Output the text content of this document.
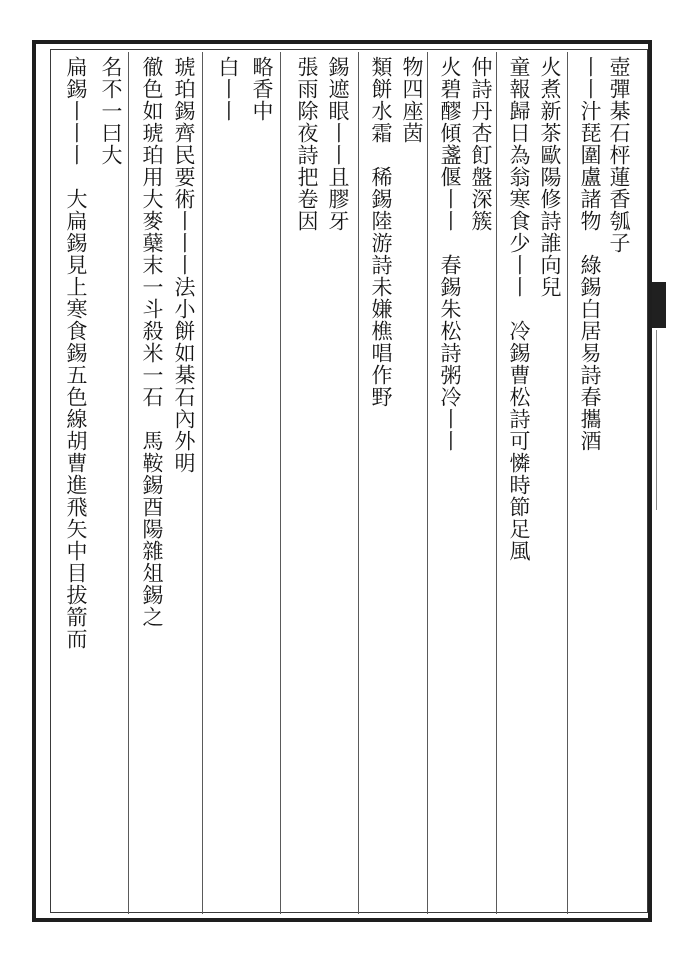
壺彈棊石枰蓮香瓠子
丨丨汁琵圍盧諸物　綠錫白居易詩春攜酒
火煮新茶歐陽修詩誰向兒
童報歸日為翁寒食少丨丨　冷錫曹松詩可憐時節足風
仲詩丹杏飣盤深簇
火碧醪傾盞偃丨丨　春錫朱松詩粥冷丨丨
物四座茵
類餅水霜　稀錫陸游詩未嫌樵唱作野
錫遮眼丨丨且膠牙
張雨除夜詩把卷因
略香中
白丨丨
琥珀錫齊民要術丨丨丨法小餅如棊石內外明
徹色如琥珀用大麥蘖末一斗殺米一石　馬鞍錫酉陽雜俎錫之
名不一曰大
扁錫丨丨丨　大扁錫見上寒食錫五色線胡曹進飛矢中目拔箭而
